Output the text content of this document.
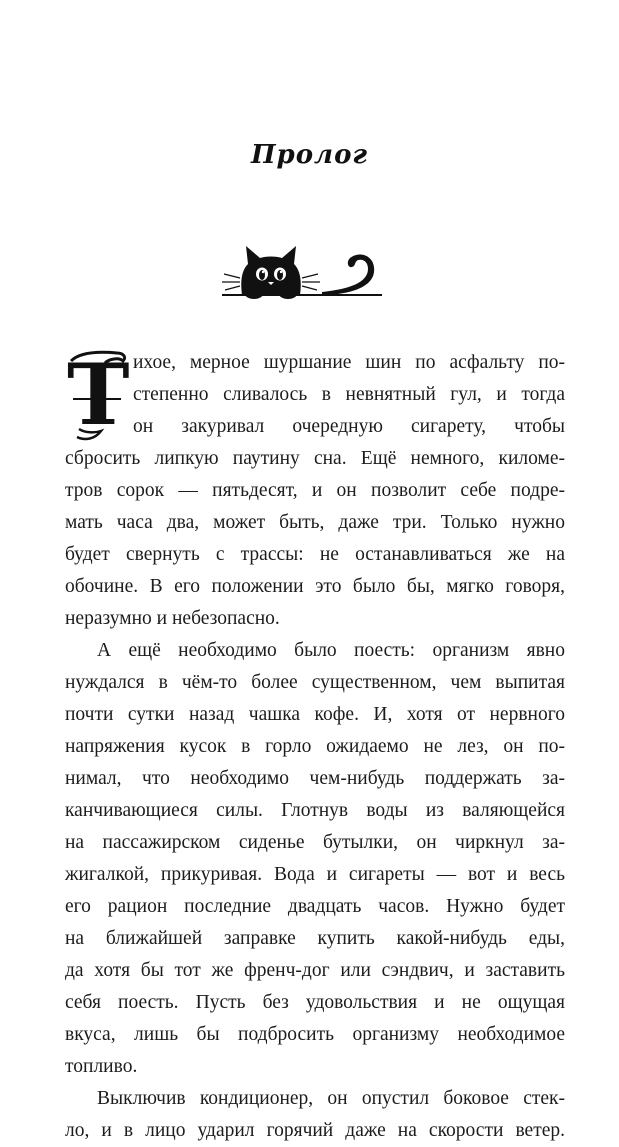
Пролог
Т ихое, мерное шуршание шин по асфальту по-
степенно сливалось в невнятный гул, и тогда
он закуривал очередную сигарету, чтобы
сбросить липкую паутину сна. Ещё немного, киломе-
тров сорок — пятьдесят, и он позволит себе подре-
мать часа два, может быть, даже три. Только нужно
будет свернуть с трассы: не останавливаться же на
обочине. В его положении это было бы, мягко говоря,
неразумно и небезопасно.
А ещё необходимо было поесть: организм явно
нуждался в чём-то более существенном, чем выпитая
почти сутки назад чашка кофе. И, хотя от нервного
напряжения кусок в горло ожидаемо не лез, он по-
нимал, что необходимо чем-нибудь поддержать за-
канчивающиеся силы. Глотнув воды из валяющейся
на пассажирском сиденье бутылки, он чиркнул за-
жигалкой, прикуривая. Вода и сигареты — вот и весь
его рацион последние двадцать часов. Нужно будет
на ближайшей заправке купить какой-нибудь еды,
да хотя бы тот же френч-дог или сэндвич, и заставить
себя поесть. Пусть без удовольствия и не ощущая
вкуса, лишь бы подбросить организму необходимое
топливо.
Выключив кондиционер, он опустил боковое стек-
ло, и в лицо ударил горячий даже на скорости ветер.
